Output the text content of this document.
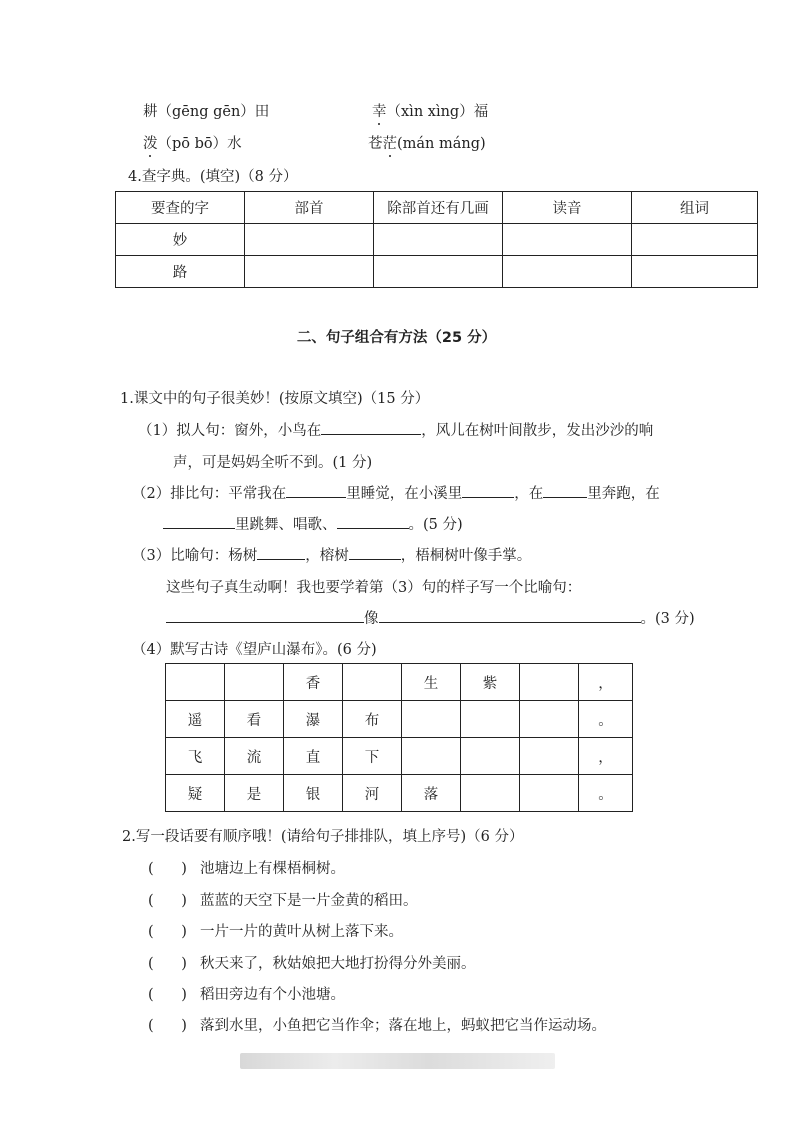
耕（gēng gēn）田	幸（xìn xìng）福
泼（pō bō）水	苍茫(mán máng)
4.查字典。(填空)（8 分）
要查的字	部首	除部首还有几画	读音	组词
妙				
路				
二、句子组合有方法（25 分）
1.课文中的句子很美妙！(按原文填空)（15 分）
（1）拟人句：窗外，小鸟在	，风儿在树叶间散步，发出沙沙的响
声，可是妈妈全听不到。(1 分)
（2）排比句：平常我在	里睡觉，在小溪里	，在	里奔跑，在
里跳舞、唱歌、	。(5 分)
（3）比喻句：杨树	，榕树	，梧桐树叶像手掌。
这些句子真生动啊！我也要学着第（3）句的样子写一个比喻句：
像	。(3 分)
（4）默写古诗《望庐山瀑布》。(6 分)
		香		生	紫		，
遥	看	瀑	布				。
飞	流	直	下				，
疑	是	银	河	落			。
2.写一段话要有顺序哦！(请给句子排排队，填上序号)（6 分）
(      ) 池塘边上有棵梧桐树。
(      ) 蓝蓝的天空下是一片金黄的稻田。
(      ) 一片一片的黄叶从树上落下来。
(      ) 秋天来了，秋姑娘把大地打扮得分外美丽。
(      ) 稻田旁边有个小池塘。
(      ) 落到水里，小鱼把它当作伞；落在地上，蚂蚁把它当作运动场。
